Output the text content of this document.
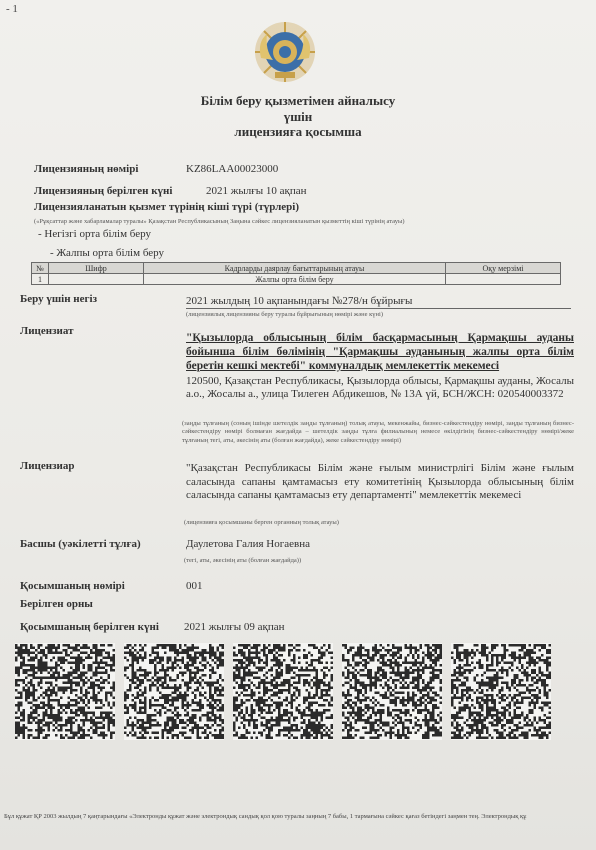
- 1
Білім беру қызметімен айналысу
үшін
лицензияға қосымша
Лицензияның нөмірі	KZ86LAA00023000
Лицензияның берілген күні	2021 жылғы 10 ақпан
Лицензияланатын қызмет түрінің кіші түрі (түрлері)
(«Рұқсаттар және хабарламалар туралы» Қазақстан Республикасының Заңына сәйкес лицензияланатын қызметтің кіші түрінің атауы)
- Негізгі орта білім беру
- Жалпы орта білім беру
№	Шифр	Кадрларды даярлау бағыттарының атауы	Оқу мерзімі
1		Жалпы орта білім беру	
Беру үшін негіз	2021 жылдың 10 ақпанындағы №278/н бұйрығы
(лицензиялық лицензияны беру туралы бұйрығының нөмірі және күні)
Лицензиат
"Қызылорда облысының білім басқармасының Қармақшы ауданы бойынша білім бөлімінің "Қармақшы ауданының жалпы орта білім беретін кешкі мектебі" коммуналдық мемлекеттік мекемесі
120500, Қазақстан Республикасы, Қызылорда облысы, Қармақшы ауданы, Жосалы а.о., Жосалы а., улица Тилеген Абдикешов, № 13А үй, БСН/ЖСН: 020540003372
(заңды тұлғаның (соның ішінде шетелдік заңды тұлғаның) толық атауы, мекенжайы, бизнес-сәйкестендіру нөмірі, заңды тұлғаның бизнес-сәйкестендіру нөмірі болмаған жағдайда – шетелдік заңды тұлға филиалының немесе өкілдігінің бизнес-сәйкестендіру нөмірі/жеке тұлғаның тегі, аты, әкесінің аты (болған жағдайда), жеке сәйкестендіру нөмірі)
Лицензиар	"Қазақстан Республикасы Білім және ғылым министрлігі Білім және ғылым саласында сапаны қамтамасыз ету комитетінің Қызылорда облысының білім саласында сапаны қамтамасыз ету департаменті" мемлекеттік мекемесі
(лицензияға қосымшаны берген органның толық атауы)
Басшы (уәкілетті тұлға)	Даулетова Галия Ногаевна
(тегі, аты, әкесінің аты (болған жағдайда))
Қосымшаның нөмірі	001
Берілген орны
Қосымшаның берілген күні 2021 жылғы 09 ақпан
Бұл құжат ҚР 2003 жылдың 7 қаңтарындағы «Электронды құжат және электрондық сандық қол қою туралы заңның 7 бабы, 1 тармағына сәйкес қағаз бетіндегі заңмен тең. Электрондық құ
